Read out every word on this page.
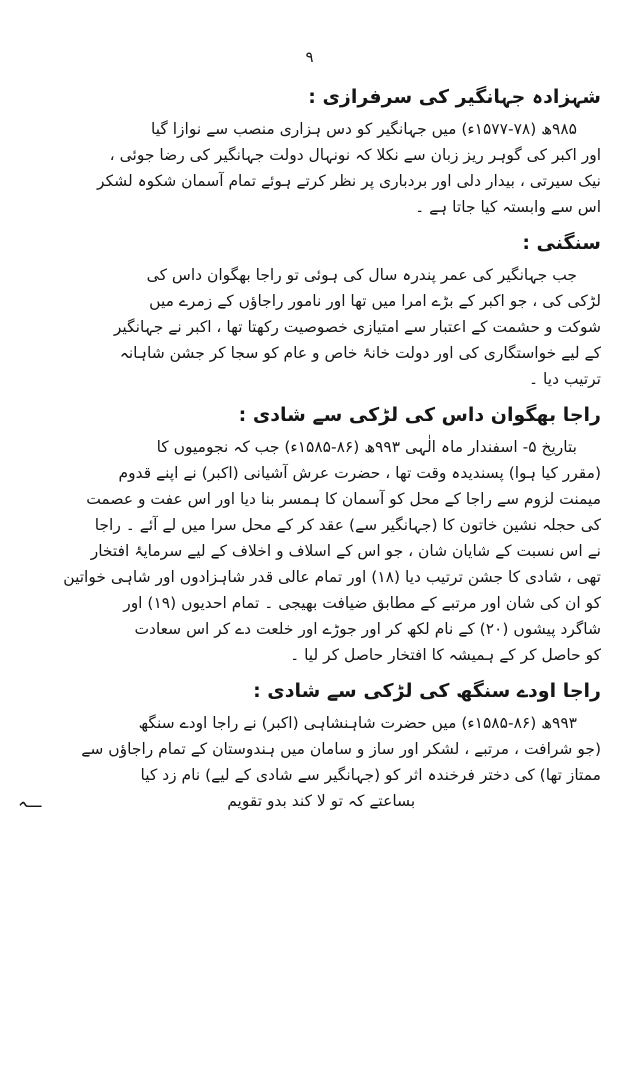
۹
شہزادہ جہانگیر کی سرفرازی :
۹۸۵ھ (۷۸-۱۵۷۷ء) میں جہانگیر کو دس ہزاری منصب سے نوازا گیا
اور اکبر کی گوہر ریز زبان سے نکلا کہ نونہال دولت جہانگیر کی رضا جوئی ،
نیک سیرتی ، بیدار دلی اور بردباری پر نظر کرتے ہوئے تمام آسمان شکوہ لشکر
اس سے وابستہ کیا جاتا ہے ۔
سنگنی :
جب جہانگیر کی عمر پندرہ سال کی ہوئی تو راجا بھگوان داس کی
لڑکی کی ، جو اکبر کے بڑے امرا میں تھا اور نامور راجاؤں کے زمرے میں
شوکت و حشمت کے اعتبار سے امتیازی خصوصیت رکھتا تھا ، اکبر نے جہانگیر
کے لیے خواستگاری کی اور دولت خانۂ خاص و عام کو سجا کر جشن شاہانہ
ترتیب دیا ۔
راجا بھگوان داس کی لڑکی سے شادی :
بتاریخ ۵- اسفندار ماہ الٰہی ۹۹۳ھ (۸۶-۱۵۸۵ء) جب کہ نجومیوں کا
(مقرر کیا ہوا) پسندیدہ وقت تھا ، حضرت عرش آشیانی (اکبر) نے اپنے قدوم
میمنت لزوم سے راجا کے محل کو آسمان کا ہمسر بنا دیا اور اس عفت و عصمت
کی حجلہ نشین خاتون کا (جہانگیر سے) عقد کر کے محل سرا میں لے آئے ۔ راجا
نے اس نسبت کے شایان شان ، جو اس کے اسلاف و اخلاف کے لیے سرمایۂ افتخار
تھی ، شادی کا جشن ترتیب دیا (۱۸) اور تمام عالی قدر شاہزادوں اور شاہی خواتین
کو ان کی شان اور مرتبے کے مطابق ضیافت بھیجی ۔ تمام احدیوں (۱۹) اور
شاگرد پیشوں (۲۰) کے نام لکھ کر اور جوڑے اور خلعت دے کر اس سعادت
کو حاصل کر کے ہمیشہ کا افتخار حاصل کر لیا ۔
راجا اودے سنگھ کی لڑکی سے شادی :
۹۹۳ھ (۸۶-۱۵۸۵ء) میں حضرت شاہنشاہی (اکبر) نے راجا اودے سنگھ
(جو شرافت ، مرتبے ، لشکر اور ساز و سامان میں ہندوستان کے تمام راجاؤں سے
ممتاز تھا) کی دختر فرخندہ اثر کو (جہانگیر سے شادی کے لیے) نام زد کیا
بساعتے کہ تو لا کند بدو تقویم
ـــہ
